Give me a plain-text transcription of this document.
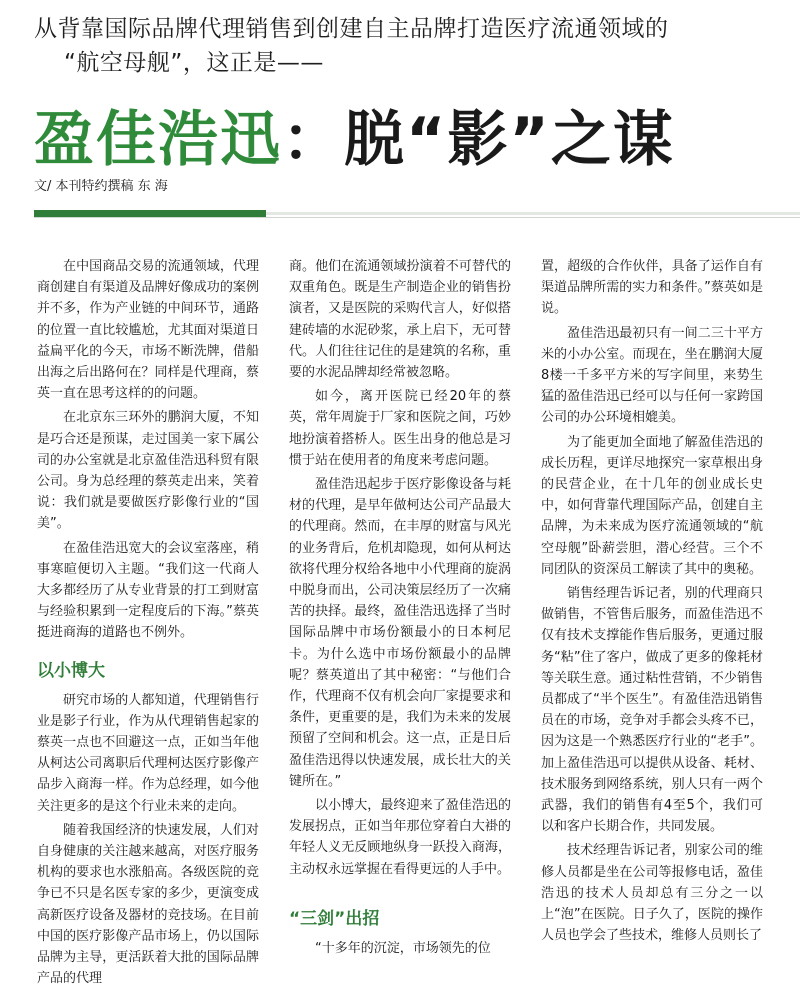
从背靠国际品牌代理销售到创建自主品牌打造医疗流通领域的
“航空母舰”，这正是——
盈佳浩迅：脱“影”之谋
文/ 本刊特约撰稿 东 海

在中国商品交易的流通领域，代理商创建自有渠道及品牌好像成功的案例并不多，作为产业链的中间环节，通路的位置一直比较尴尬，尤其面对渠道日益扁平化的今天，市场不断洗牌，借船出海之后出路何在？同样是代理商，蔡英一直在思考这样的的问题。

在北京东三环外的鹏润大厦，不知是巧合还是预谋，走过国美一家下属公司的办公室就是北京盈佳浩迅科贸有限公司。身为总经理的蔡英走出来，笑着说：我们就是要做医疗影像行业的“国美”。

在盈佳浩迅宽大的会议室落座，稍事寒暄便切入主题。“我们这一代商人大多都经历了从专业背景的打工到财富与经验积累到一定程度后的下海。”蔡英挺进商海的道路也不例外。

以小博大

研究市场的人都知道，代理销售行业是影子行业，作为从代理销售起家的蔡英一点也不回避这一点，正如当年他从柯达公司离职后代理柯达医疗影像产品步入商海一样。作为总经理，如今他关注更多的是这个行业未来的走向。

随着我国经济的快速发展，人们对自身健康的关注越来越高，对医疗服务机构的要求也水涨船高。各级医院的竞争已不只是名医专家的多少，更演变成高新医疗设备及器材的竞技场。在目前中国的医疗影像产品市场上，仍以国际品牌为主导，更活跃着大批的国际品牌产品的代理

商。他们在流通领域扮演着不可替代的双重角色。既是生产制造企业的销售扮演者，又是医院的采购代言人，好似搭建砖墙的水泥砂浆，承上启下，无可替代。人们往往记住的是建筑的名称，重要的水泥品牌却经常被忽略。

如今，离开医院已经20年的蔡英，常年周旋于厂家和医院之间，巧妙地扮演着搭桥人。医生出身的他总是习惯于站在使用者的角度来考虑问题。

盈佳浩迅起步于医疗影像设备与耗材的代理，是早年做柯达公司产品最大的代理商。然而，在丰厚的财富与风光的业务背后，危机却隐现，如何从柯达欲将代理分权给各地中小代理商的旋涡中脱身而出，公司决策层经历了一次痛苦的抉择。最终，盈佳浩迅选择了当时国际品牌中市场份额最小的日本柯尼卡。为什么选中市场份额最小的品牌呢？蔡英道出了其中秘密：“与他们合作，代理商不仅有机会向厂家提要求和条件，更重要的是，我们为未来的发展预留了空间和机会。这一点，正是日后盈佳浩迅得以快速发展，成长壮大的关键所在。”

以小博大，最终迎来了盈佳浩迅的发展拐点，正如当年那位穿着白大褂的年轻人义无反顾地纵身一跃投入商海，主动权永远掌握在看得更远的人手中。

“三剑”出招

“十多年的沉淀，市场领先的位

置，超级的合作伙伴，具备了运作自有渠道品牌所需的实力和条件。”蔡英如是说。

盈佳浩迅最初只有一间二三十平方米的小办公室。而现在，坐在鹏润大厦8楼一千多平方米的写字间里，来势生猛的盈佳浩迅已经可以与任何一家跨国公司的办公环境相媲美。

为了能更加全面地了解盈佳浩迅的成长历程，更详尽地探究一家草根出身的民营企业，在十几年的创业成长史中，如何背靠代理国际产品，创建自主品牌，为未来成为医疗流通领域的“航空母舰”卧薪尝胆，潜心经营。三个不同团队的资深员工解读了其中的奥秘。

销售经理告诉记者，别的代理商只做销售，不管售后服务，而盈佳浩迅不仅有技术支撑能作售后服务，更通过服务“粘”住了客户，做成了更多的像耗材等关联生意。通过粘性营销，不少销售员都成了“半个医生”。有盈佳浩迅销售员在的市场，竞争对手都会头疼不已，因为这是一个熟悉医疗行业的“老手”。加上盈佳浩迅可以提供从设备、耗材、技术服务到网络系统，别人只有一两个武器，我们的销售有4至5个，我们可以和客户长期合作，共同发展。

技术经理告诉记者，别家公司的维修人员都是坐在公司等报修电话，盈佳浩迅的技术人员却总有三分之一以上“泡”在医院。日子久了，医院的操作人员也学会了些技术，维修人员则长了
